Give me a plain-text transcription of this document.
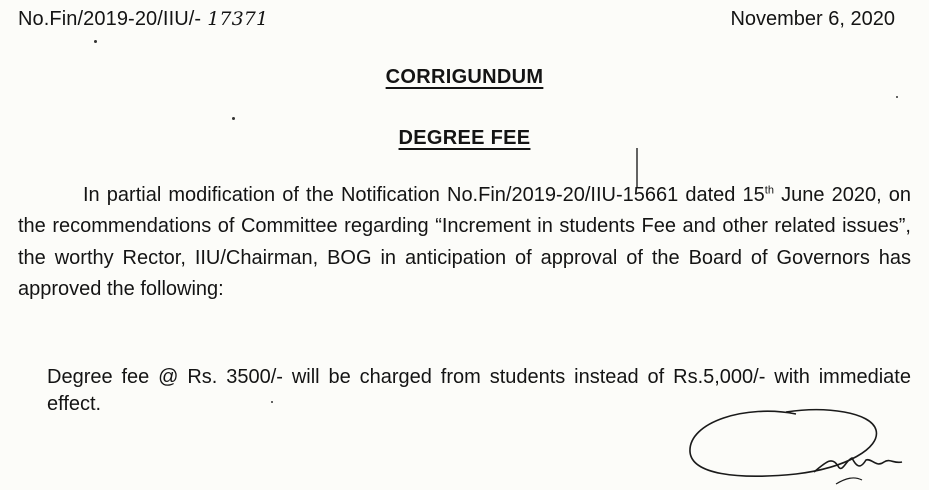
No.Fin/2019-20/IIU/- 17371	November 6, 2020
CORRIGUNDUM
DEGREE FEE
In partial modification of the Notification No.Fin/2019-20/IIU-15661 dated 15th June 2020, on the recommendations of Committee regarding “Increment in students Fee and other related issues”, the worthy Rector, IIU/Chairman, BOG in anticipation of approval of the Board of Governors has approved the following:
Degree fee @ Rs. 3500/- will be charged from students instead of Rs.5,000/- with immediate effect.
